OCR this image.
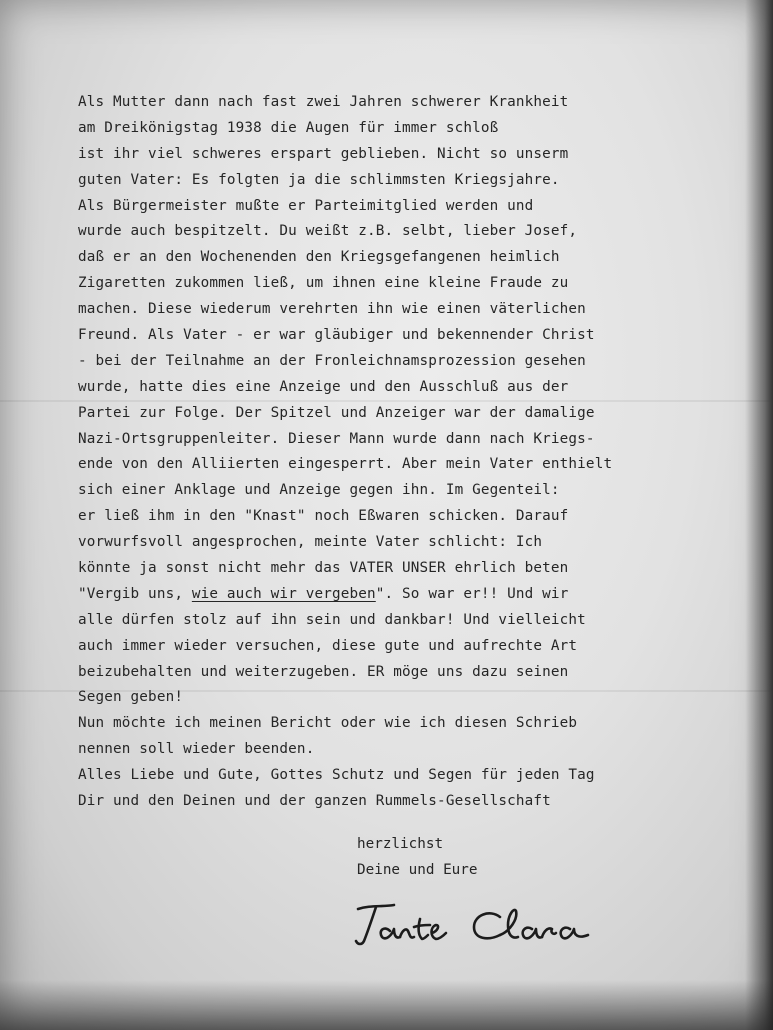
Als Mutter dann nach fast zwei Jahren schwerer Krankheit
am Dreikönigstag 1938 die Augen für immer schloß
ist ihr viel schweres erspart geblieben. Nicht so unserm
guten Vater: Es folgten ja die schlimmsten Kriegsjahre.
Als Bürgermeister mußte er Parteimitglied werden und
wurde auch bespitzelt. Du weißt z.B. selbt, lieber Josef,
daß er an den Wochenenden den Kriegsgefangenen heimlich
Zigaretten zukommen ließ, um ihnen eine kleine Fraude zu
machen. Diese wiederum verehrten ihn wie einen väterlichen
Freund. Als Vater - er war gläubiger und bekennender Christ
- bei der Teilnahme an der Fronleichnamsprozession gesehen
wurde, hatte dies eine Anzeige und den Ausschluß aus der
Partei zur Folge. Der Spitzel und Anzeiger war der damalige
Nazi-Ortsgruppenleiter. Dieser Mann wurde dann nach Kriegs-
ende von den Alliierten eingesperrt. Aber mein Vater enthielt
sich einer Anklage und Anzeige gegen ihn. Im Gegenteil:
er ließ ihm in den "Knast" noch Eßwaren schicken. Darauf
vorwurfsvoll angesprochen, meinte Vater schlicht: Ich
könnte ja sonst nicht mehr das VATER UNSER ehrlich beten
"Vergib uns, wie auch wir vergeben". So war er!! Und wir
alle dürfen stolz auf ihn sein und dankbar! Und vielleicht
auch immer wieder versuchen, diese gute und aufrechte Art
beizubehalten und weiterzugeben. ER möge uns dazu seinen
Segen geben!
Nun möchte ich meinen Bericht oder wie ich diesen Schrieb
nennen soll wieder beenden.
Alles Liebe und Gute, Gottes Schutz und Segen für jeden Tag
Dir und den Deinen und der ganzen Rummels-Gesellschaft
herzlichst
Deine und Eure
